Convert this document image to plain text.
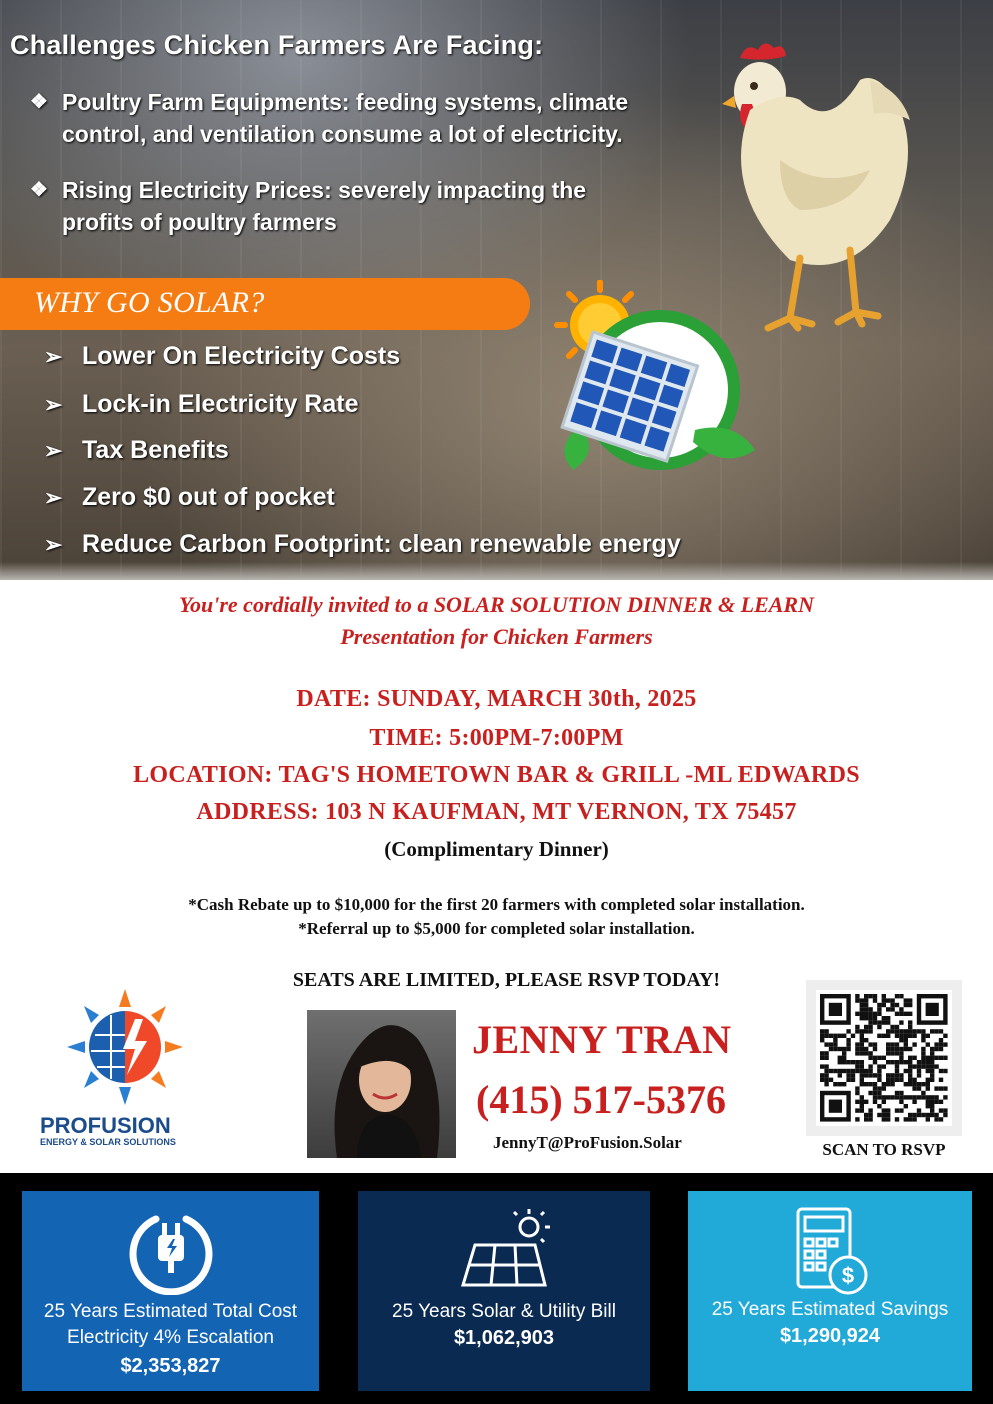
Challenges Chicken Farmers Are Facing:
❖ Poultry Farm Equipments: feeding systems, climate
control, and ventilation consume a lot of electricity.
❖ Rising Electricity Prices: severely impacting the
profits of poultry farmers
WHY GO SOLAR?
➢ Lower On Electricity Costs
➢ Lock-in Electricity Rate
➢ Tax Benefits
➢ Zero $0 out of pocket
➢ Reduce Carbon Footprint: clean renewable energy
You're cordially invited to a SOLAR SOLUTION DINNER & LEARN
Presentation for Chicken Farmers
DATE: SUNDAY, MARCH 30th, 2025
TIME: 5:00PM-7:00PM
LOCATION: TAG'S HOMETOWN BAR & GRILL -ML EDWARDS
ADDRESS: 103 N KAUFMAN, MT VERNON, TX 75457
(Complimentary Dinner)
*Cash Rebate up to $10,000 for the first 20 farmers with completed solar installation.
*Referral up to $5,000 for completed solar installation.
SEATS ARE LIMITED, PLEASE RSVP TODAY!
PROFUSION
ENERGY & SOLAR SOLUTIONS
JENNY TRAN
(415) 517-5376
JennyT@ProFusion.Solar	SCAN TO RSVP
25 Years Estimated Total Cost
Electricity 4% Escalation
$2,353,827
25 Years Solar & Utility Bill
$1,062,903
$
25 Years Estimated Savings
$1,290,924
